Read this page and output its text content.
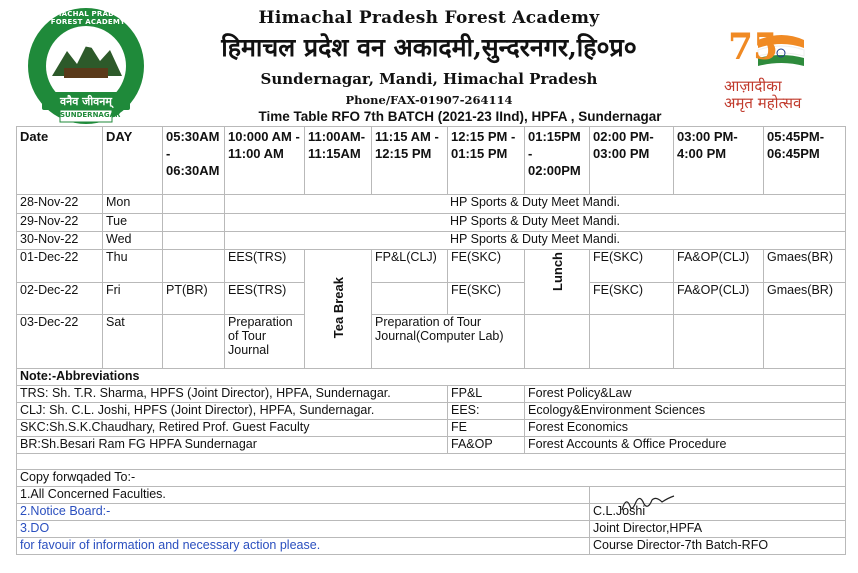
HIMACHAL PRADESH FOREST ACADEMY
वनैव जीवनम्
SUNDERNAGAR
Himachal Pradesh Forest Academy
हिमाचल प्रदेश वन अकादमी,सुन्दरनगर,हि०प्र०
Sundernagar, Mandi, Himachal Pradesh
Phone/FAX-01907-264114
Time Table RFO 7th BATCH (2021-23 IInd), HPFA , Sundernagar
75
आज़ादीका
अमृत महोत्सव
Date	DAY	05:30AM - 06:30AM	10:000 AM - 11:00 AM	11:00AM- 11:15AM	11:15 AM - 12:15 PM	12:15 PM - 01:15 PM	01:15PM - 02:00PM	02:00 PM- 03:00 PM	03:00 PM- 4:00 PM	05:45PM- 06:45PM
28-Nov-22	Mon		HP Sports & Duty Meet Mandi.							
29-Nov-22	Tue		HP Sports & Duty Meet Mandi.							
30-Nov-22	Wed		HP Sports & Duty Meet Mandi.							
01-Dec-22	Thu		EES(TRS)	Tea Break	FP&L(CLJ)	FE(SKC)	Lunch	FE(SKC)	FA&OP(CLJ)	Gmaes(BR)
02-Dec-22	Fri	PT(BR)	EES(TRS)			FE(SKC)		FE(SKC)	FA&OP(CLJ)	Gmaes(BR)
03-Dec-22	Sat		Preparation of Tour Journal		Preparation of Tour Journal(Computer Lab)					
Note:-Abbreviations										
TRS: Sh. T.R. Sharma, HPFS (Joint Director), HPFA, Sundernagar.						FP&L	Forest Policy&Law			
CLJ: Sh. C.L. Joshi, HPFS (Joint Director), HPFA, Sundernagar.						EES:	Ecology&Environment Sciences			
SKC:Sh.S.K.Chaudhary, Retired Prof. Guest Faculty						FE	Forest Economics			
BR:Sh.Besari Ram FG HPFA Sundernagar						FA&OP	Forest Accounts & Office Procedure			

Copy forwqaded To:-										
1.All Concerned Faculties.										
2.Notice Board:-								C.L.Joshi		
3.DO								Joint Director,HPFA		
for favouir of information and necessary action please.								Course Director-7th Batch-RFO		
